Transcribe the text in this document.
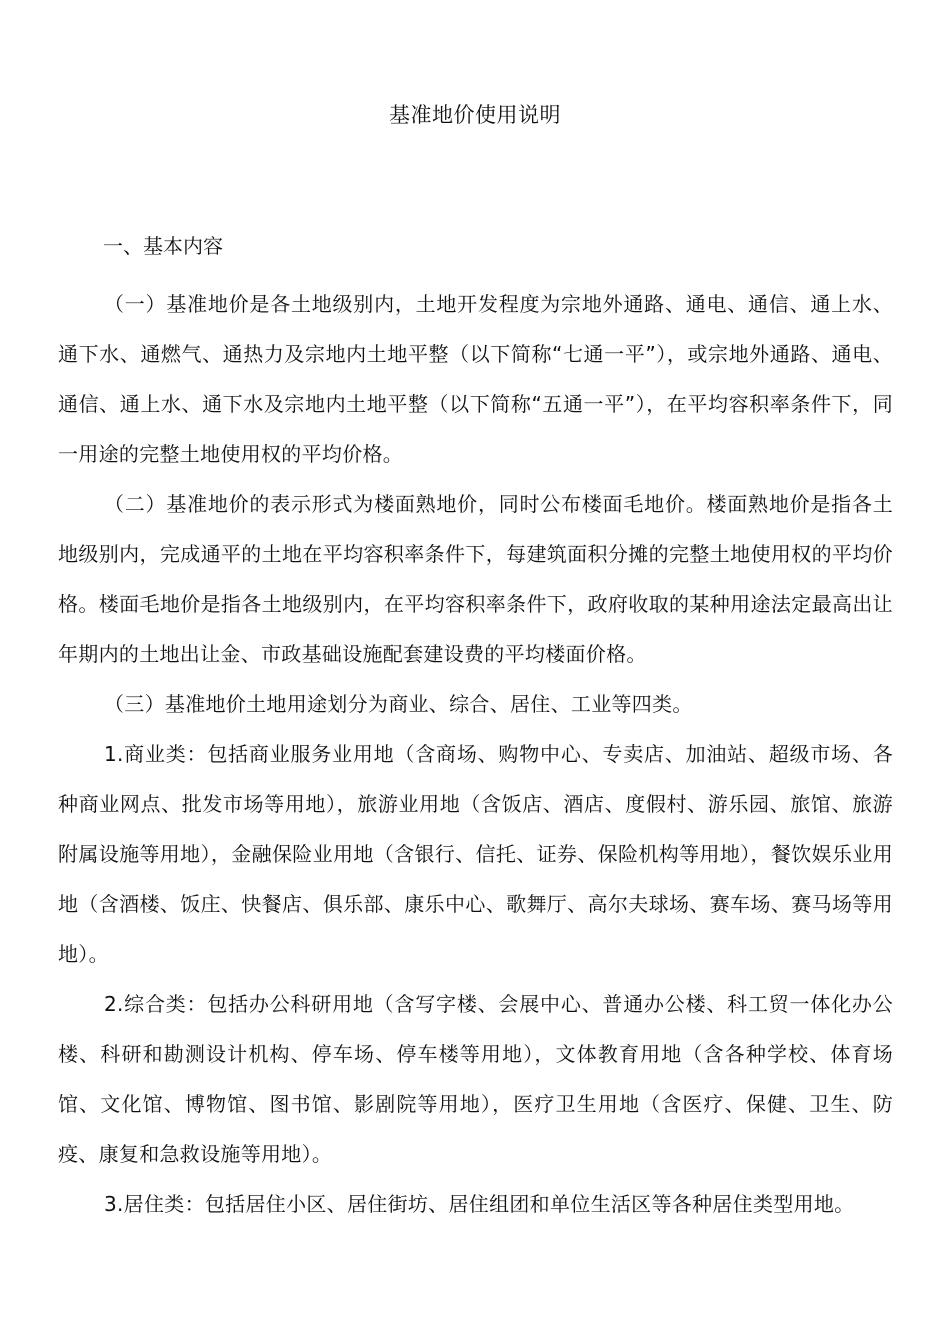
基准地价使用说明
一、基本内容

（一）基准地价是各土地级别内，土地开发程度为宗地外通路、通电、通信、通上水、通下水、通燃气、通热力及宗地内土地平整（以下简称“七通一平”），或宗地外通路、通电、通信、通上水、通下水及宗地内土地平整（以下简称“五通一平”），在平均容积率条件下，同一用途的完整土地使用权的平均价格。

（二）基准地价的表示形式为楼面熟地价，同时公布楼面毛地价。楼面熟地价是指各土地级别内，完成通平的土地在平均容积率条件下，每建筑面积分摊的完整土地使用权的平均价格。楼面毛地价是指各土地级别内，在平均容积率条件下，政府收取的某种用途法定最高出让年期内的土地出让金、市政基础设施配套建设费的平均楼面价格。

（三）基准地价土地用途划分为商业、综合、居住、工业等四类。

1.商业类：包括商业服务业用地（含商场、购物中心、专卖店、加油站、超级市场、各种商业网点、批发市场等用地），旅游业用地（含饭店、酒店、度假村、游乐园、旅馆、旅游附属设施等用地），金融保险业用地（含银行、信托、证券、保险机构等用地），餐饮娱乐业用地（含酒楼、饭庄、快餐店、俱乐部、康乐中心、歌舞厅、高尔夫球场、赛车场、赛马场等用地）。

2.综合类：包括办公科研用地（含写字楼、会展中心、普通办公楼、科工贸一体化办公楼、科研和勘测设计机构、停车场、停车楼等用地），文体教育用地（含各种学校、体育场馆、文化馆、博物馆、图书馆、影剧院等用地），医疗卫生用地（含医疗、保健、卫生、防疫、康复和急救设施等用地）。

3.居住类：包括居住小区、居住街坊、居住组团和单位生活区等各种居住类型用地。
